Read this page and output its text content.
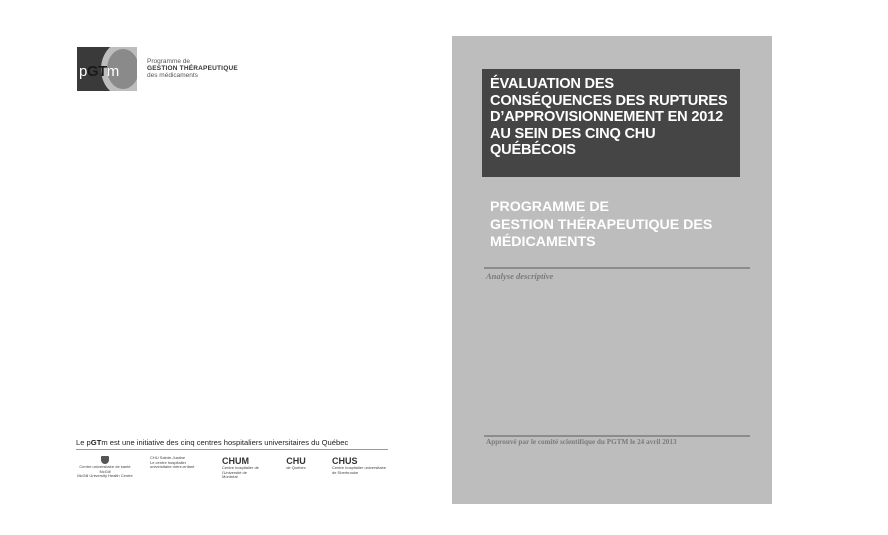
pGTm
Programme de
GESTION THÉRAPEUTIQUE
des médicaments
Le pGTm est une initiative des cinq centres hospitaliers universitaires du Québec
Centre universitaire de santé McGill
McGill University Health Centre
CHU Sainte-Justine
Le centre hospitalier universitaire mère-enfant
CHUM
Centre hospitalier de l'Université de Montréal
CHU
de Québec
CHUS
Centre hospitalier universitaire
de Sherbrooke
ÉVALUATION DES CONSÉQUENCES DES RUPTURES D’APPROVISIONNEMENT EN 2012 AU SEIN DES CINQ CHU QUÉBÉCOIS
PROGRAMME DE
GESTION THÉRAPEUTIQUE DES
MÉDICAMENTS
Analyse descriptive
Approuvé par le comité scientifique du PGTM le 24 avril 2013
